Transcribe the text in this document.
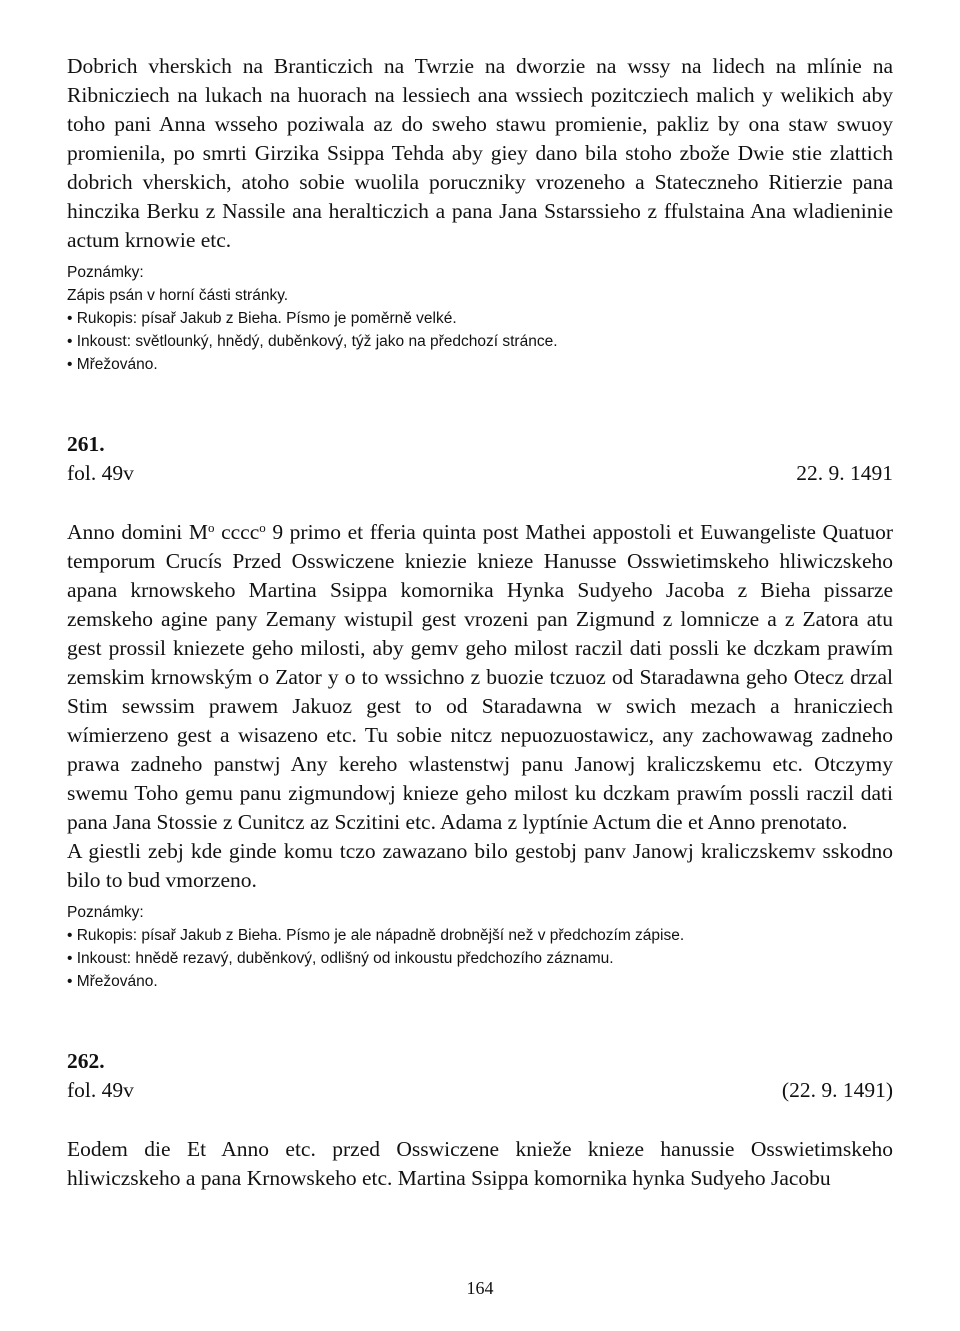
Dobrich vherskich na Branticzich na Twrzie na dworzie na wssy na lidech na mlínie na Ribnicziech na lukach na huorach na lessiech ana wssiech pozitcziech malich y welikich aby toho pani Anna wsseho poziwala az do sweho stawu promienie, pakliz by ona staw swuoy promienila, po smrti Girzika Ssippa Tehda aby giey dano bila stoho zbože Dwie stie zlattich dobrich vherskich, atoho sobie wuolila poruczniky vrozeneho a Stateczneho Ritierzie pana hinczika Berku z Nassile ana heralticzich a pana Jana Sstarssieho z ffulstaina Ana wladieninie actum krnowie etc.

Poznámky:
Zápis psán v horní části stránky.
• Rukopis: písař Jakub z Bieha. Písmo je poměrně velké.
• Inkoust: světlounký, hnědý, duběnkový, týž jako na předchozí stránce.
• Mřežováno.
261.
fol. 49v	22. 9. 1491

Anno domini $M^o$ cccc$^o$ 9 primo et fferia quinta post Mathei appostoli et Euwangeliste Quatuor temporum Crucís Przed Osswiczene kniezie knieze Hanusse Osswietimskeho hliwiczskeho apana krnowskeho Martina Ssippa komornika Hynka Sudyeho Jacoba z Bieha pissarze zemskeho agine pany Zemany wistupil gest vrozeni pan Zigmund z lomnicze a z Zatora atu gest prossil kniezete geho milosti, aby gemv geho milost raczil dati possli ke dczkam prawím zemskim krnowským o Zator y o to wssichno z buozie tczuoz od Staradawna geho Otecz drzal Stim sewssim prawem Jakuoz gest to od Staradawna w swich mezach a hranicziech wímierzeno gest a wisazeno etc. Tu sobie nitcz nepuozuostawicz, any zachowawag zadneho prawa zadneho panstwj Any kereho wlastenstwj panu Janowj kraliczskemu etc. Otczymy swemu Toho gemu panu zigmundowj knieze geho milost ku dczkam prawím possli raczil dati pana Jana Stossie z Cunitcz az Sczitini etc. Adama z lyptínie Actum die et Anno prenotato.

A giestli zebj kde ginde komu tczo zawazano bilo gestobj panv Janowj kraliczskemv sskodno bilo to bud vmorzeno.

Poznámky:
• Rukopis: písař Jakub z Bieha. Písmo je ale nápadně drobnější než v předchozím zápise.
• Inkoust: hnědě rezavý, duběnkový, odlišný od inkoustu předchozího záznamu.
• Mřežováno.
262.
fol. 49v	(22. 9. 1491)

Eodem die Et Anno etc. przed Osswiczene knieže knieze hanussie Osswietimskeho hliwiczskeho a pana Krnowskeho etc. Martina Ssippa komornika hynka Sudyeho Jacobu

164
